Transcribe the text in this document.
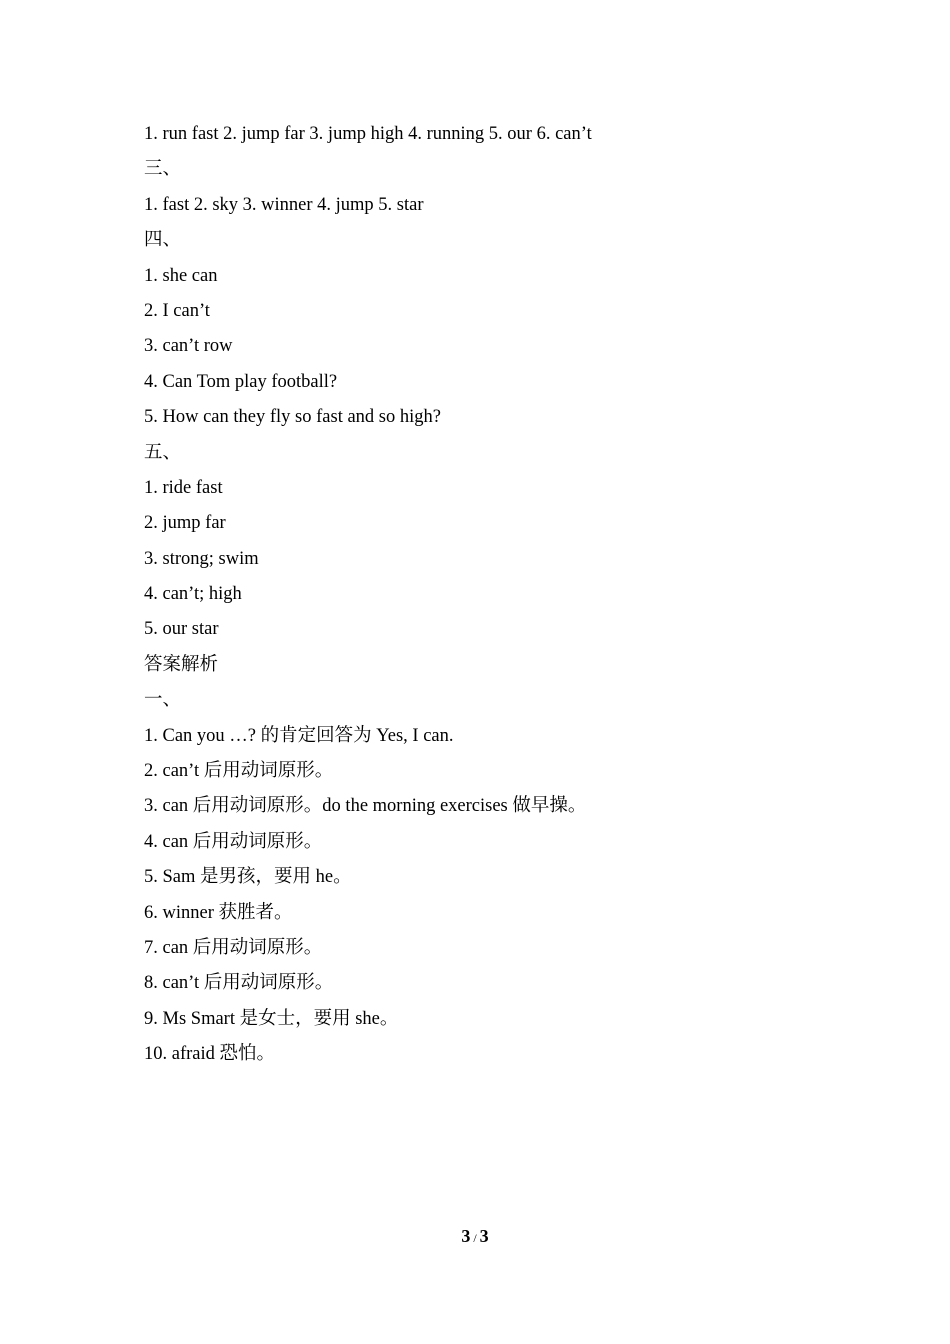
1. run fast 2. jump far 3. jump high 4. running 5. our 6. can’t
三、
1. fast 2. sky 3. winner 4. jump 5. star
四、
1. she can
2. I can’t
3. can’t row
4. Can Tom play football?
5. How can they fly so fast and so high?
五、
1. ride fast
2. jump far
3. strong; swim
4. can’t; high
5. our star
答案解析
一、
1. Can you …? 的肯定回答为 Yes, I can.
2. can’t 后用动词原形。
3. can 后用动词原形。do the morning exercises 做早操。
4. can 后用动词原形。
5. Sam 是男孩，要用 he。
6. winner 获胜者。
7. can 后用动词原形。
8. can’t 后用动词原形。
9. Ms Smart 是女士，要用 she。
10. afraid 恐怕。
3 / 3
